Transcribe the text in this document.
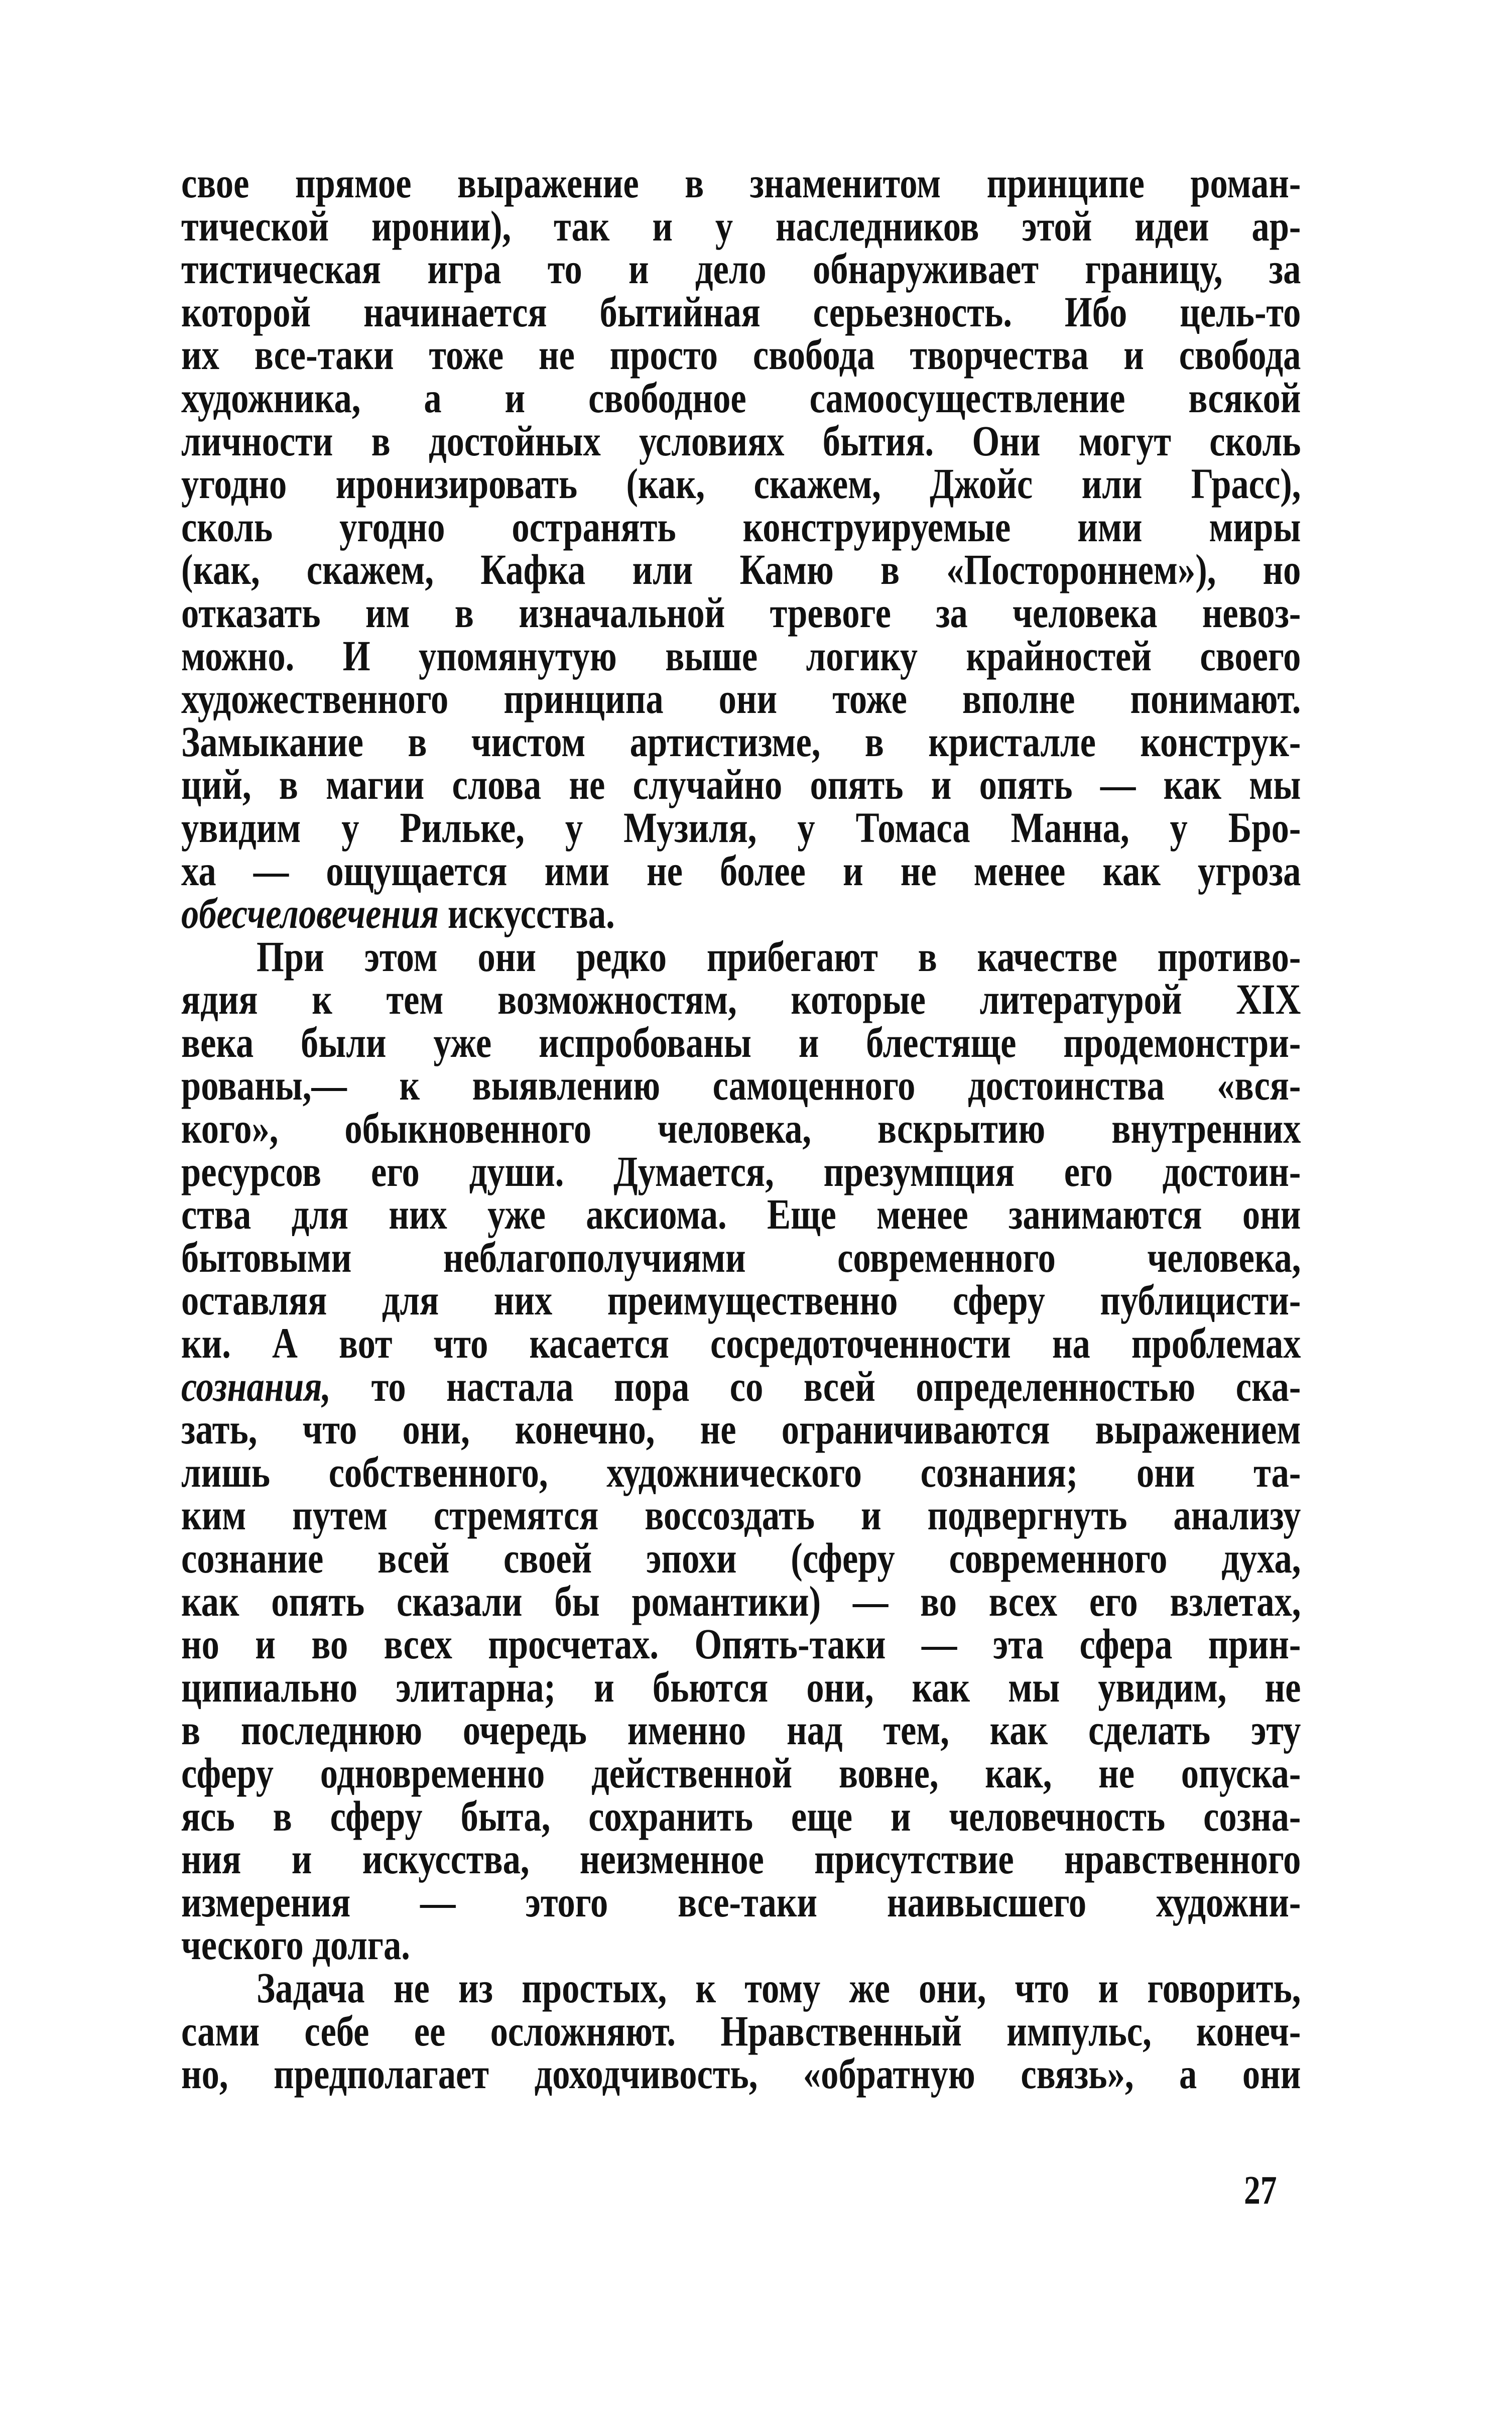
свое прямое выражение в знаменитом принципе роман-
тической иронии), так и у наследников этой идеи ар-
тистическая игра то и дело обнаруживает границу, за
которой начинается бытийная серьезность. Ибо цель-то
их все-таки тоже не просто свобода творчества и свобода
художника, а и свободное самоосуществление всякой
личности в достойных условиях бытия. Они могут сколь
угодно иронизировать (как, скажем, Джойс или Грасс),
сколь угодно остранять конструируемые ими миры
(как, скажем, Кафка или Камю в «Постороннем»), но
отказать им в изначальной тревоге за человека невоз-
можно. И упомянутую выше логику крайностей своего
художественного принципа они тоже вполне понимают.
Замыкание в чистом артистизме, в кристалле конструк-
ций, в магии слова не случайно опять и опять — как мы
увидим у Рильке, у Музиля, у Томаса Манна, у Бро-
ха — ощущается ими не более и не менее как угроза
обесчеловечения искусства.
При этом они редко прибегают в качестве противо-
ядия к тем возможностям, которые литературой XIX
века были уже испробованы и блестяще продемонстри-
рованы,— к выявлению самоценного достоинства «вся-
кого», обыкновенного человека, вскрытию внутренних
ресурсов его души. Думается, презумпция его достоин-
ства для них уже аксиома. Еще менее занимаются они
бытовыми неблагополучиями современного человека,
оставляя для них преимущественно сферу публицисти-
ки. А вот что касается сосредоточенности на проблемах
сознания, то настала пора со всей определенностью ска-
зать, что они, конечно, не ограничиваются выражением
лишь собственного, художнического сознания; они та-
ким путем стремятся воссоздать и подвергнуть анализу
сознание всей своей эпохи (сферу современного духа,
как опять сказали бы романтики) — во всех его взлетах,
но и во всех просчетах. Опять-таки — эта сфера прин-
ципиально элитарна; и бьются они, как мы увидим, не
в последнюю очередь именно над тем, как сделать эту
сферу одновременно действенной вовне, как, не опуска-
ясь в сферу быта, сохранить еще и человечность созна-
ния и искусства, неизменное присутствие нравственного
измерения — этого все-таки наивысшего художни-
ческого долга.
Задача не из простых, к тому же они, что и говорить,
сами себе ее осложняют. Нравственный импульс, конеч-
но, предполагает доходчивость, «обратную связь», а они
27
